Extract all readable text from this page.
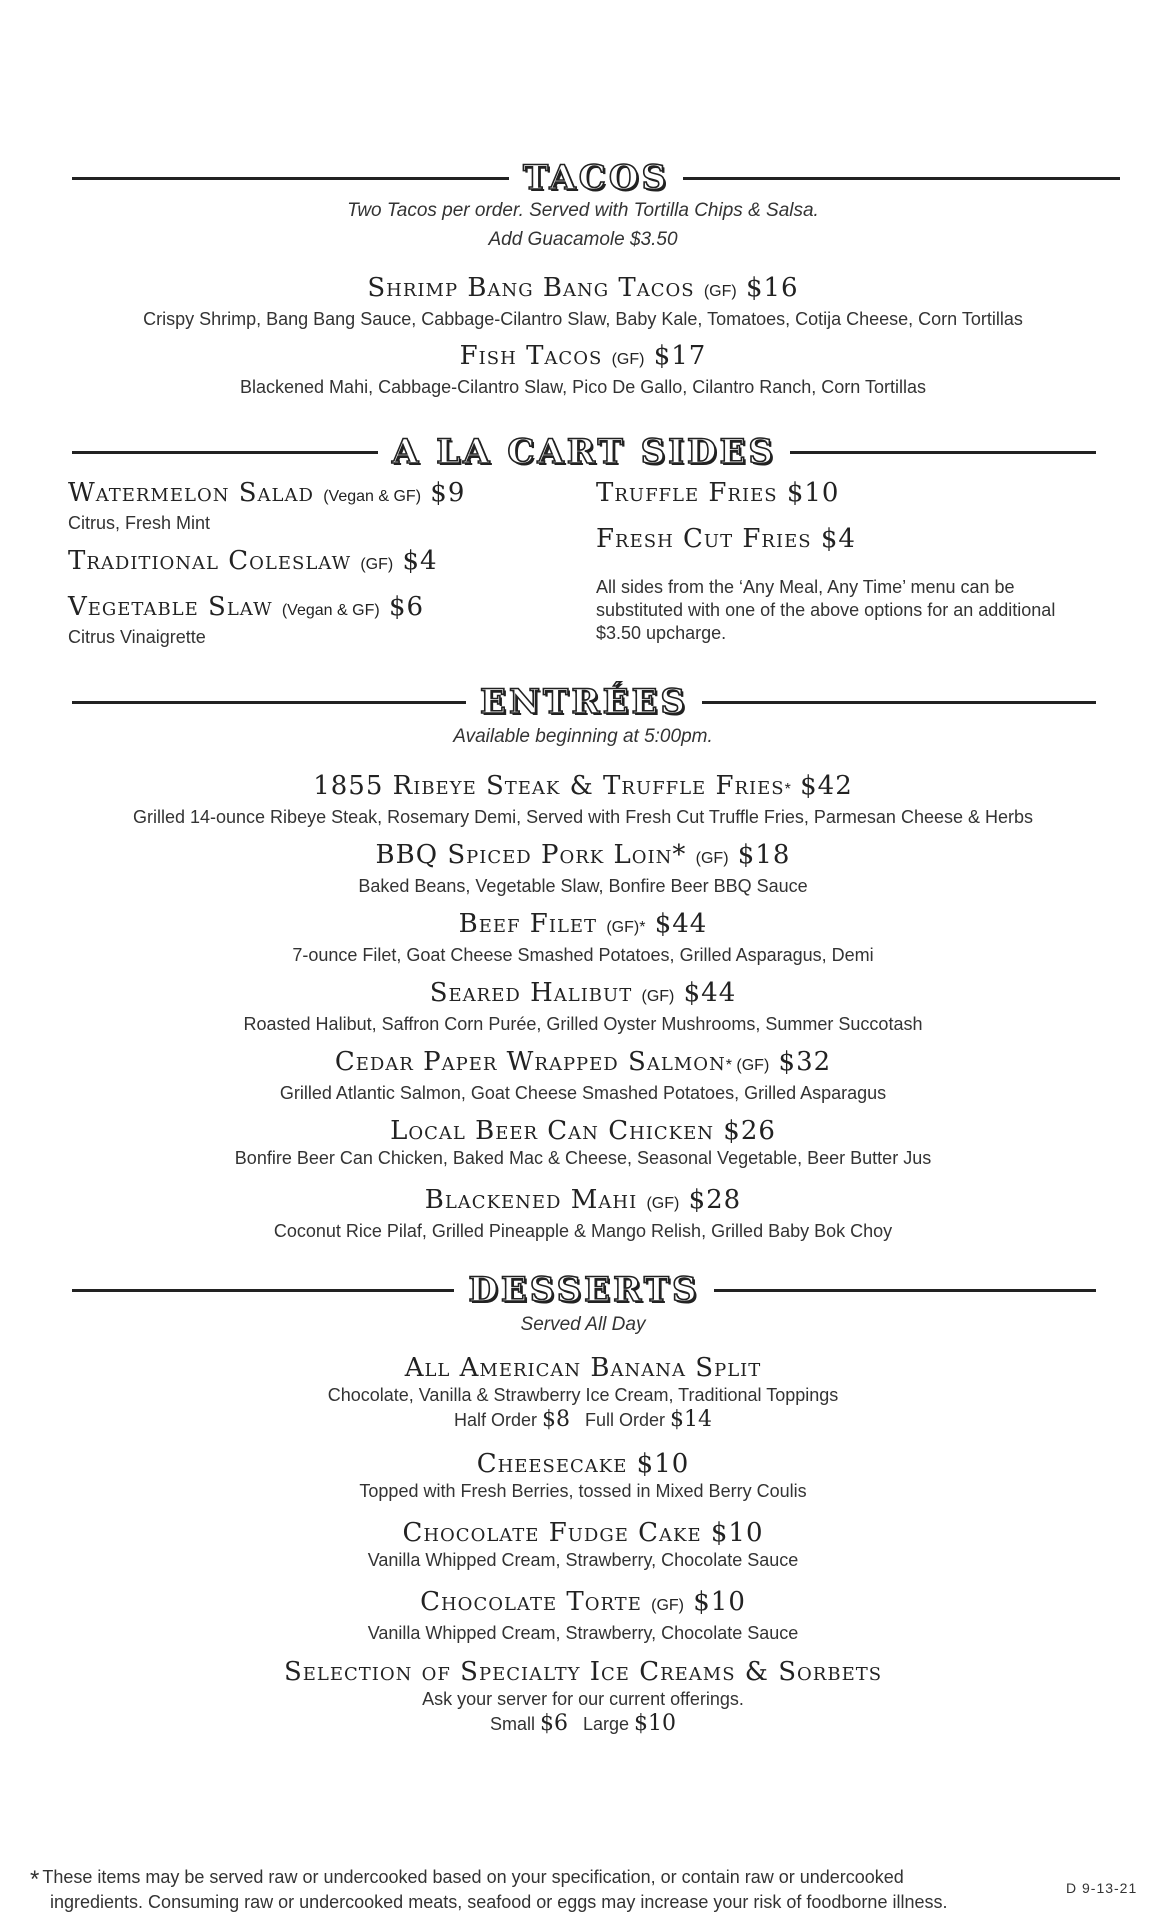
TACOS
Two Tacos per order. Served with Tortilla Chips & Salsa.
Add Guacamole $3.50
Shrimp Bang Bang Tacos (GF) $16
Crispy Shrimp, Bang Bang Sauce, Cabbage-Cilantro Slaw, Baby Kale, Tomatoes, Cotija Cheese, Corn Tortillas
Fish Tacos (GF) $17
Blackened Mahi, Cabbage-Cilantro Slaw, Pico De Gallo, Cilantro Ranch, Corn Tortillas
A LA CART SIDES
Watermelon Salad (Vegan & GF) $9
Citrus, Fresh Mint
Traditional Coleslaw (GF) $4
Vegetable Slaw (Vegan & GF) $6
Citrus Vinaigrette
Truffle Fries $10
Fresh Cut Fries $4
All sides from the ‘Any Meal, Any Time’ menu can be substituted with one of the above options for an additional $3.50 upcharge.
ENTRÉES
Available beginning at 5:00pm.
1855 Ribeye Steak & Truffle Fries* $42
Grilled 14-ounce Ribeye Steak, Rosemary Demi, Served with Fresh Cut Truffle Fries, Parmesan Cheese & Herbs
BBQ Spiced Pork Loin* (GF) $18
Baked Beans, Vegetable Slaw, Bonfire Beer BBQ Sauce
Beef Filet (GF)* $44
7-ounce Filet, Goat Cheese Smashed Potatoes, Grilled Asparagus, Demi
Seared Halibut (GF) $44
Roasted Halibut, Saffron Corn Purée, Grilled Oyster Mushrooms, Summer Succotash
Cedar Paper Wrapped Salmon* (GF) $32
Grilled Atlantic Salmon, Goat Cheese Smashed Potatoes, Grilled Asparagus
Local Beer Can Chicken $26
Bonfire Beer Can Chicken, Baked Mac & Cheese, Seasonal Vegetable, Beer Butter Jus
Blackened Mahi (GF) $28
Coconut Rice Pilaf, Grilled Pineapple & Mango Relish, Grilled Baby Bok Choy
DESSERTS
Served All Day
All American Banana Split
Chocolate, Vanilla & Strawberry Ice Cream, Traditional Toppings
Half Order $8 Full Order $14
Cheesecake $10
Topped with Fresh Berries, tossed in Mixed Berry Coulis
Chocolate Fudge Cake $10
Vanilla Whipped Cream, Strawberry, Chocolate Sauce
Chocolate Torte (GF) $10
Vanilla Whipped Cream, Strawberry, Chocolate Sauce
Selection of Specialty Ice Creams & Sorbets
Ask your server for our current offerings.
Small $6 Large $10
* These items may be served raw or undercooked based on your specification, or contain raw or undercooked
ingredients. Consuming raw or undercooked meats, seafood or eggs may increase your risk of foodborne illness.
D 9-13-21
